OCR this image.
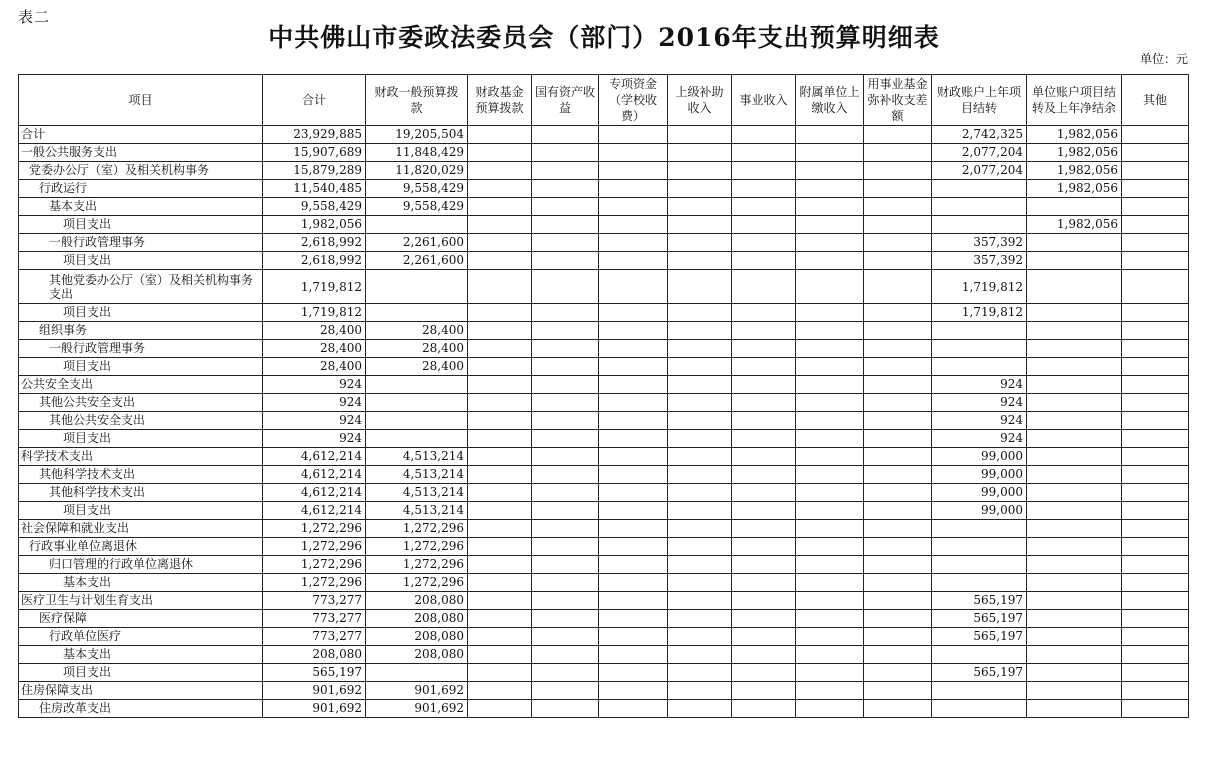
表二
中共佛山市委政法委员会（部门）2016年支出预算明细表
单位：元
项目	合计	财政一般预算拨款	财政基金预算拨款	国有资产收益	专项资金（学校收费）	上级补助收入	事业收入	附属单位上缴收入	用事业基金弥补收支差额	财政账户上年项目结转	单位账户项目结转及上年净结余	其他
合计	23,929,885	19,205,504								2,742,325	1,982,056	
一般公共服务支出	15,907,689	11,848,429								2,077,204	1,982,056	
党委办公厅（室）及相关机构事务	15,879,289	11,820,029								2,077,204	1,982,056	
行政运行	11,540,485	9,558,429									1,982,056	
基本支出	9,558,429	9,558,429										
项目支出	1,982,056										1,982,056	
一般行政管理事务	2,618,992	2,261,600								357,392		
项目支出	2,618,992	2,261,600								357,392		
其他党委办公厅（室）及相关机构事务支出	1,719,812									1,719,812		
项目支出	1,719,812									1,719,812		
组织事务	28,400	28,400										
一般行政管理事务	28,400	28,400										
项目支出	28,400	28,400										
公共安全支出	924									924		
其他公共安全支出	924									924		
其他公共安全支出	924									924		
项目支出	924									924		
科学技术支出	4,612,214	4,513,214								99,000		
其他科学技术支出	4,612,214	4,513,214								99,000		
其他科学技术支出	4,612,214	4,513,214								99,000		
项目支出	4,612,214	4,513,214								99,000		
社会保障和就业支出	1,272,296	1,272,296										
行政事业单位离退休	1,272,296	1,272,296										
归口管理的行政单位离退休	1,272,296	1,272,296										
基本支出	1,272,296	1,272,296										
医疗卫生与计划生育支出	773,277	208,080								565,197		
医疗保障	773,277	208,080								565,197		
行政单位医疗	773,277	208,080								565,197		
基本支出	208,080	208,080										
项目支出	565,197									565,197		
住房保障支出	901,692	901,692										
住房改革支出	901,692	901,692										
